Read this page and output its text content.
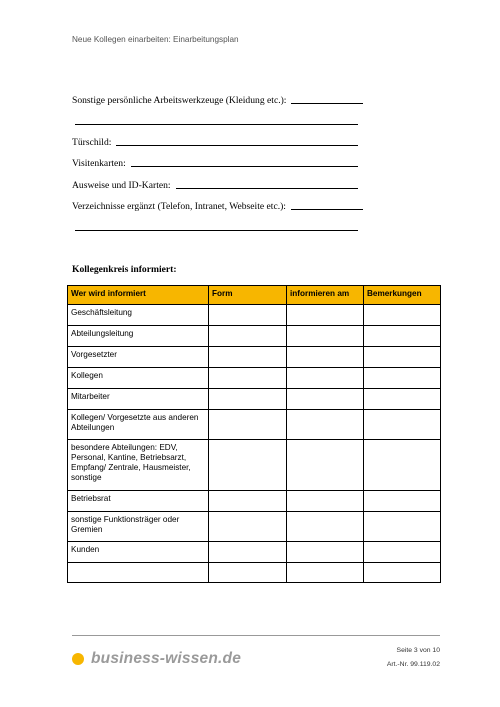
Neue Kollegen einarbeiten: Einarbeitungsplan
Sonstige persönliche Arbeitswerkzeuge (Kleidung etc.):
Türschild:
Visitenkarten:
Ausweise und ID-Karten:
Verzeichnisse ergänzt (Telefon, Intranet, Webseite etc.):
Kollegenkreis informiert:
Wer wird informiert	Form	informieren am	Bemerkungen
Geschäftsleitung			
Abteilungsleitung			
Vorgesetzter			
Kollegen			
Mitarbeiter			
Kollegen/ Vorgesetzte aus anderen Abteilungen			
besondere Abteilungen: EDV, Personal, Kantine, Betriebsarzt, Empfang/ Zentrale, Hausmeister, sonstige			
Betriebsrat			
sonstige Funktionsträger oder Gremien			
Kunden			

business-wissen.de	Seite 3 von 10
Art.-Nr. 99.119.02
